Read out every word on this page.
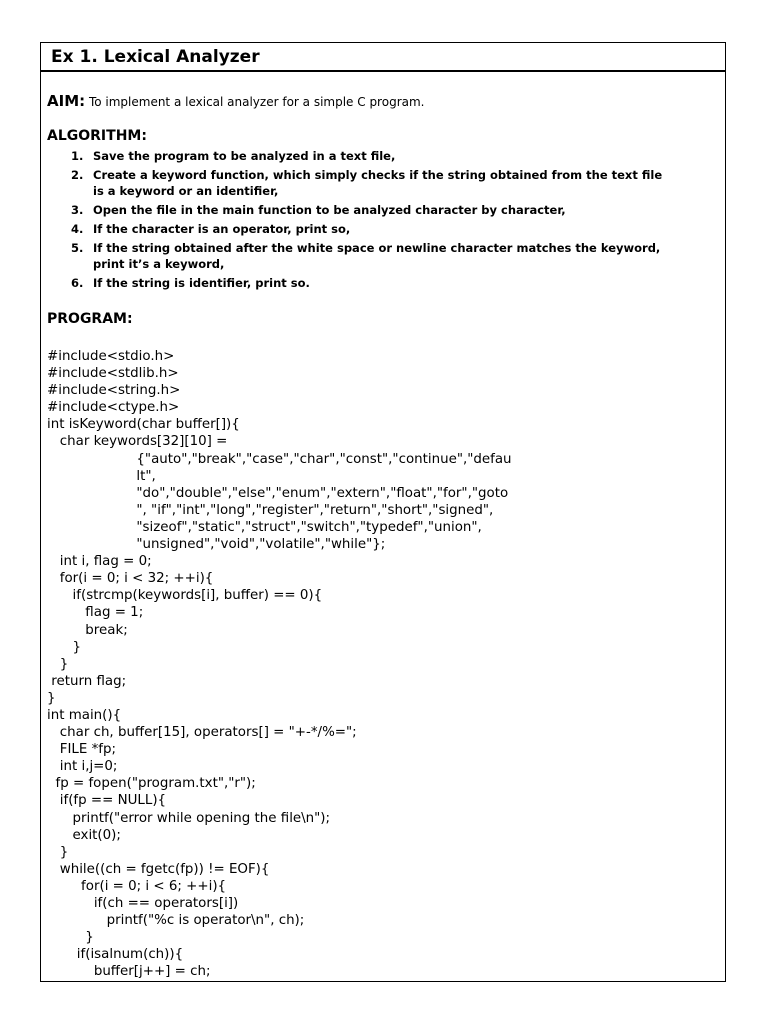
Ex 1. Lexical Analyzer
AIM: To implement a lexical analyzer for a simple C program.
ALGORITHM:
1. Save the program to be analyzed in a text file,
2. Create a keyword function, which simply checks if the string obtained from the text file is a keyword or an identifier,
3. Open the file in the main function to be analyzed character by character,
4. If the character is an operator, print so,
5. If the string obtained after the white space or newline character matches the keyword, print it’s a keyword,
6. If the string is identifier, print so.
PROGRAM:
#include<stdio.h>
#include<stdlib.h>
#include<string.h>
#include<ctype.h>
int isKeyword(char buffer[]){
char keywords[32][10] =
{"auto","break","case","char","const","continue","defau
lt",
"do","double","else","enum","extern","float","for","goto
", "if","int","long","register","return","short","signed",
"sizeof","static","struct","switch","typedef","union",
"unsigned","void","volatile","while"};
int i, flag = 0;
for(i = 0; i < 32; ++i){
if(strcmp(keywords[i], buffer) == 0){
flag = 1;
break;
}
}
return flag;
}
int main(){
char ch, buffer[15], operators[] = "+-*/%=";
FILE *fp;
int i,j=0;
fp = fopen("program.txt","r");
if(fp == NULL){
printf("error while opening the file\n");
exit(0);
}
while((ch = fgetc(fp)) != EOF){
for(i = 0; i < 6; ++i){
if(ch == operators[i])
printf("%c is operator\n", ch);
}
if(isalnum(ch)){
buffer[j++] = ch;
